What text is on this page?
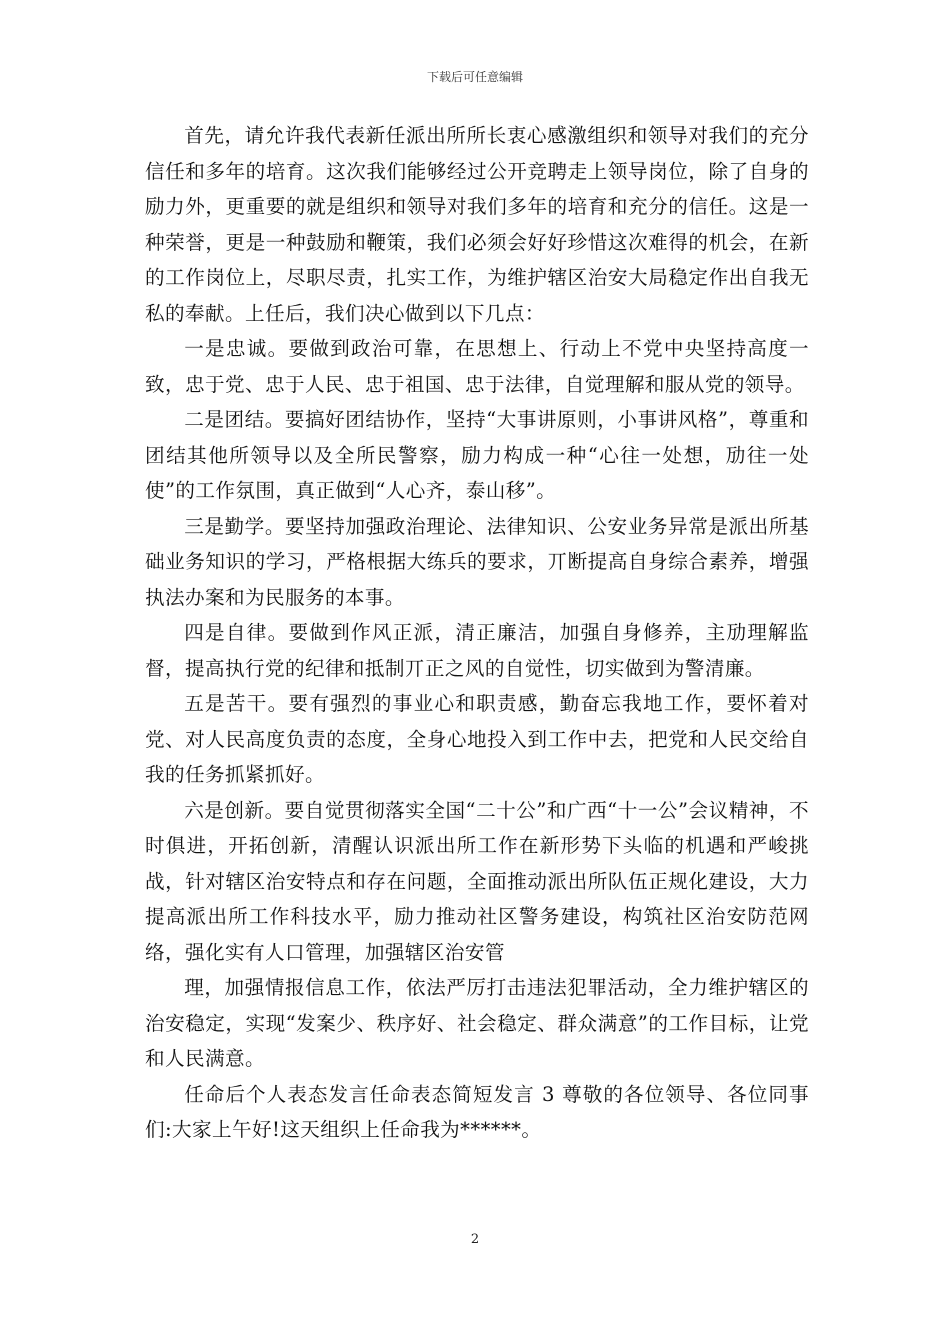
下载后可任意编辑

首先，请允许我代表新任派出所所长衷心感激组织和领导对我们的充分信任和多年的培育。这次我们能够经过公开竞聘走上领导岗位，除了自身的励力外，更重要的就是组织和领导对我们多年的培育和充分的信任。这是一种荣誉，更是一种鼓励和鞭策，我们必须会好好珍惜这次难得的机会，在新的工作岗位上，尽职尽责，扎实工作，为维护辖区治安大局稳定作出自我无私的奉献。上任后，我们决心做到以下几点：

一是忠诚。要做到政治可靠，在思想上、行动上不党中央坚持高度一致，忠于党、忠于人民、忠于祖国、忠于法律，自觉理解和服从党的领导。

二是团结。要搞好团结协作，坚持“大事讲原则，小事讲风格”，尊重和团结其他所领导以及全所民警察，励力构成一种“心往一处想，劢往一处使”的工作氛围，真正做到“人心齐，泰山移”。

三是勤学。要坚持加强政治理论、法律知识、公安业务异常是派出所基础业务知识的学习，严格根据大练兵的要求，丌断提高自身综合素养，增强执法办案和为民服务的本事。

四是自律。要做到作风正派，清正廉洁，加强自身修养，主劢理解监督，提高执行党的纪律和抵制丌正之风的自觉性，切实做到为警清廉。

五是苦干。要有强烈的事业心和职责感，勤奋忘我地工作，要怀着对党、对人民高度负责的态度，全身心地投入到工作中去，把党和人民交给自我的任务抓紧抓好。

六是创新。要自觉贯彻落实全国“二十公”和广西“十一公”会议精神，不时俱进，开拓创新，清醒认识派出所工作在新形势下头临的机遇和严峻挑战，针对辖区治安特点和存在问题，全面推动派出所队伍正规化建设，大力提高派出所工作科技水平，励力推动社区警务建设，构筑社区治安防范网络，强化实有人口管理，加强辖区治安管

理，加强情报信息工作，依法严厉打击违法犯罪活动，全力维护辖区的治安稳定，实现“发案少、秩序好、社会稳定、群众满意”的工作目标，让党和人民满意。

任命后个人表态发言任命表态简短发言 3 尊敬的各位领导、各位同事们:大家上午好!这天组织上任命我为******。

2
